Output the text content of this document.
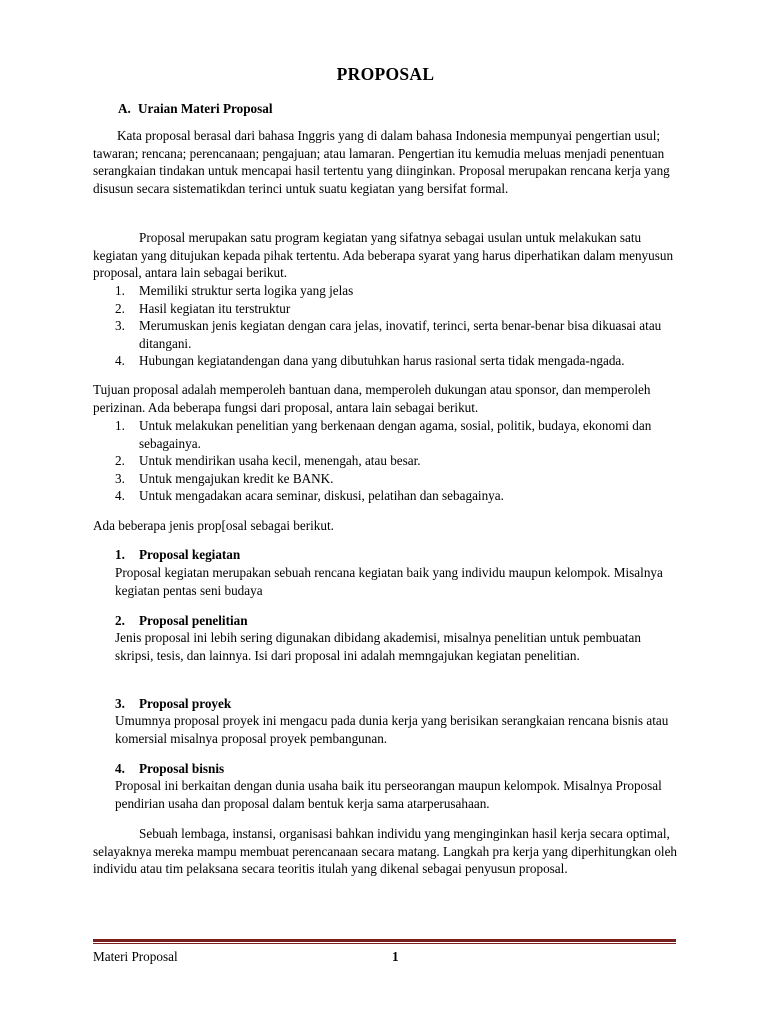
PROPOSAL
A. Uraian Materi Proposal

Kata proposal berasal dari bahasa Inggris yang di dalam bahasa Indonesia mempunyai pengertian usul; tawaran; rencana; perencanaan; pengajuan; atau lamaran. Pengertian itu kemudia meluas menjadi penentuan serangkaian tindakan untuk mencapai hasil tertentu yang diinginkan. Proposal merupakan rencana kerja yang disusun secara sistematikdan terinci untuk suatu kegiatan yang bersifat formal.

Proposal merupakan satu program kegiatan yang sifatnya sebagai usulan untuk melakukan satu kegiatan yang ditujukan kepada pihak tertentu. Ada beberapa syarat yang harus diperhatikan dalam menyusun proposal, antara lain sebagai berikut.

1. Memiliki struktur serta logika yang jelas
2. Hasil kegiatan itu terstruktur
3. Merumuskan jenis kegiatan dengan cara jelas, inovatif, terinci, serta benar-benar bisa dikuasai atau ditangani.
4. Hubungan kegiatandengan dana yang dibutuhkan harus rasional serta tidak mengada-ngada.

Tujuan proposal adalah memperoleh bantuan dana, memperoleh dukungan atau sponsor, dan memperoleh perizinan. Ada beberapa fungsi dari proposal, antara lain sebagai berikut.

1. Untuk melakukan penelitian yang berkenaan dengan agama, sosial, politik, budaya, ekonomi dan sebagainya.
2. Untuk mendirikan usaha kecil, menengah, atau besar.
3. Untuk mengajukan kredit ke BANK.
4. Untuk mengadakan acara seminar, diskusi, pelatihan dan sebagainya.

Ada beberapa jenis prop[osal sebagai berikut.

1. Proposal kegiatan

Proposal kegiatan merupakan sebuah rencana kegiatan baik yang individu maupun kelompok. Misalnya kegiatan pentas seni budaya

2. Proposal penelitian

Jenis proposal ini lebih sering digunakan dibidang akademisi, misalnya penelitian untuk pembuatan skripsi, tesis, dan lainnya. Isi dari proposal ini adalah memngajukan kegiatan penelitian.

3. Proposal proyek

Umumnya proposal proyek ini mengacu pada dunia kerja yang berisikan serangkaian rencana bisnis atau komersial misalnya proposal proyek pembangunan.

4. Proposal bisnis

Proposal ini berkaitan dengan dunia usaha baik itu perseorangan maupun kelompok. Misalnya Proposal pendirian usaha dan proposal dalam bentuk kerja sama atarperusahaan.

Sebuah lembaga, instansi, organisasi bahkan individu yang menginginkan hasil kerja secara optimal, selayaknya mereka mampu membuat perencanaan secara matang. Langkah pra kerja yang diperhitungkan oleh individu atau tim pelaksana secara teoritis itulah yang dikenal sebagai penyusun proposal.

Materi Proposal	1
